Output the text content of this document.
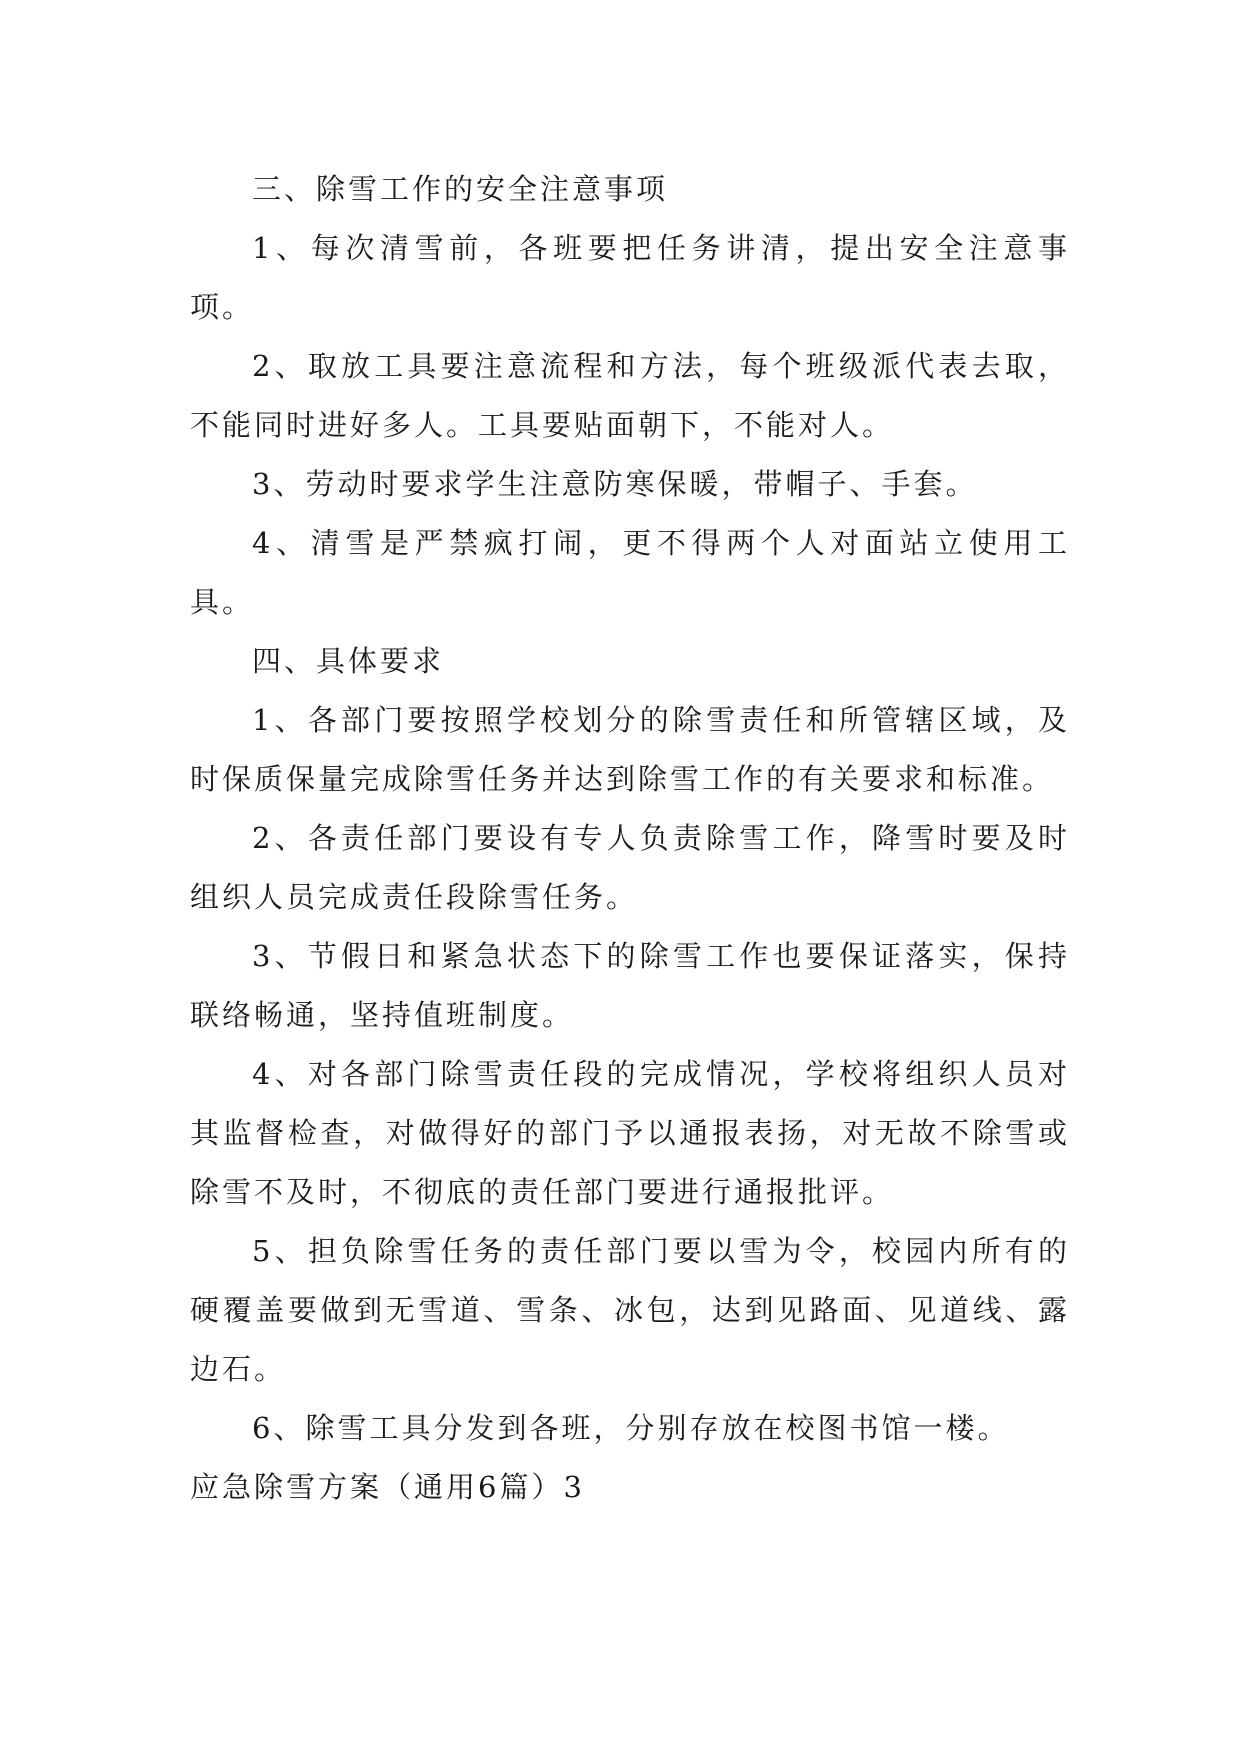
三、除雪工作的安全注意事项

1、每次清雪前，各班要把任务讲清，提出安全注意事项。

2、取放工具要注意流程和方法，每个班级派代表去取，不能同时进好多人。工具要贴面朝下，不能对人。

3、劳动时要求学生注意防寒保暖，带帽子、手套。

4、清雪是严禁疯打闹，更不得两个人对面站立使用工具。

四、具体要求

1、各部门要按照学校划分的除雪责任和所管辖区域，及时保质保量完成除雪任务并达到除雪工作的有关要求和标准。

2、各责任部门要设有专人负责除雪工作，降雪时要及时组织人员完成责任段除雪任务。

3、节假日和紧急状态下的除雪工作也要保证落实，保持联络畅通，坚持值班制度。

4、对各部门除雪责任段的完成情况，学校将组织人员对其监督检查，对做得好的部门予以通报表扬，对无故不除雪或除雪不及时，不彻底的责任部门要进行通报批评。

5、担负除雪任务的责任部门要以雪为令，校园内所有的硬覆盖要做到无雪道、雪条、冰包，达到见路面、见道线、露边石。

6、除雪工具分发到各班，分别存放在校图书馆一楼。

应急除雪方案（通用6篇）3
